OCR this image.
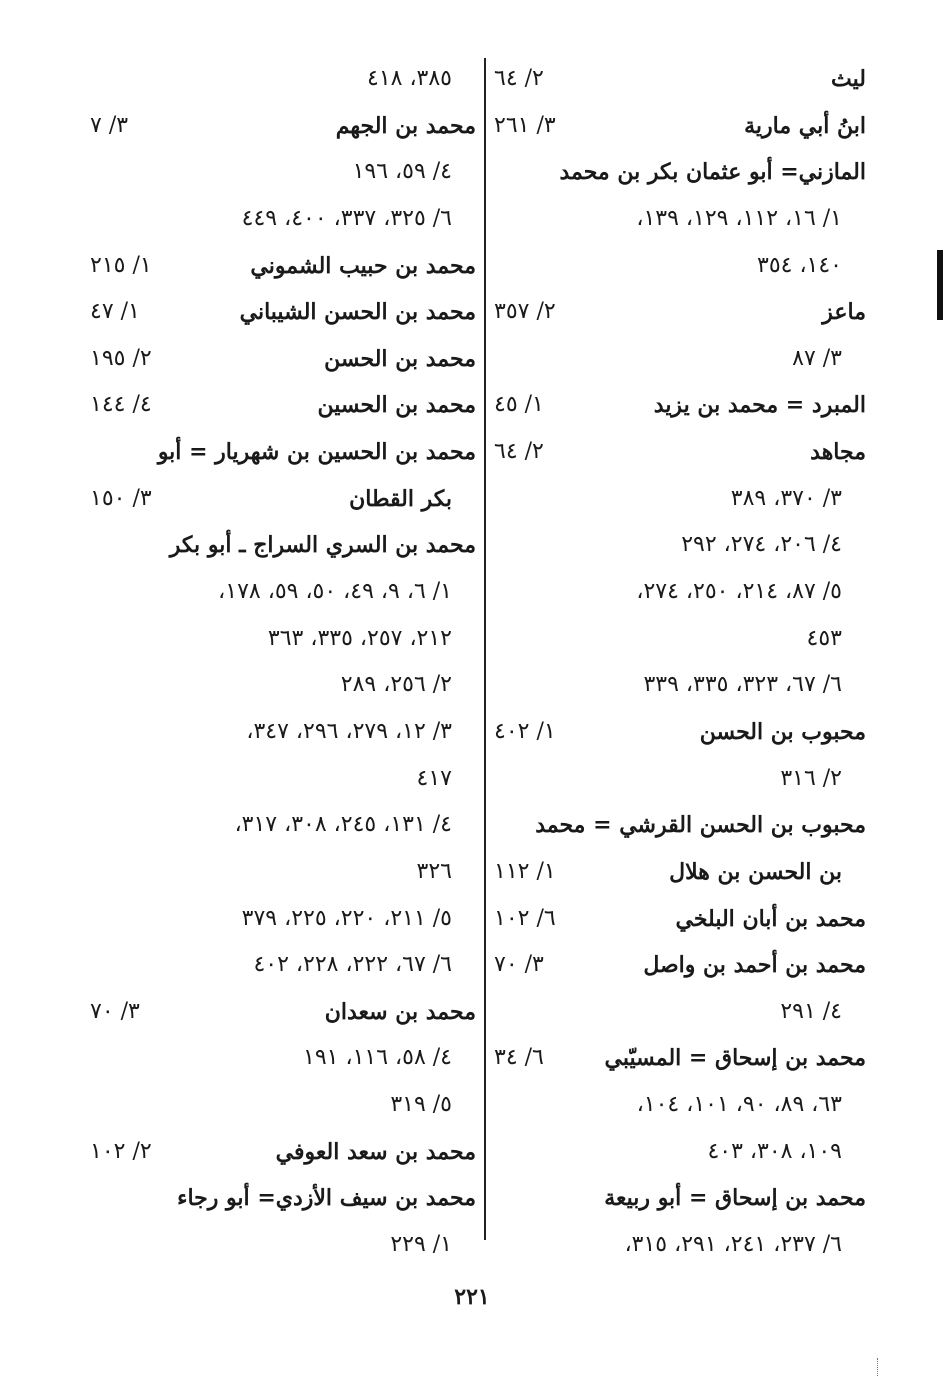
ليث
٢/ ٦٤
ابنُ أبي مارية
٣/ ٢٦١
المازني= أبو عثمان بكر بن محمد
١/ ١٦، ١١٢، ١٢٩، ١٣٩،
١٤٠، ٣٥٤
ماعز
٢/ ٣٥٧
٣/ ٨٧
المبرد = محمد بن يزيد
١/ ٤٥
مجاهد
٢/ ٦٤
٣/ ٣٧٠، ٣٨٩
٤/ ٢٠٦، ٢٧٤، ٢٩٢
٥/ ٨٧، ٢١٤، ٢٥٠، ٢٧٤،
٤٥٣
٦/ ٦٧، ٣٢٣، ٣٣٥، ٣٣٩
محبوب بن الحسن
١/ ٤٠٢
٢/ ٣١٦
محبوب بن الحسن القرشي = محمد
بن الحسن بن هلال
١/ ١١٢
محمد بن أبان البلخي
٦/ ١٠٢
محمد بن أحمد بن واصل
٣/ ٧٠
٤/ ٢٩١
محمد بن إسحاق = المسيّبي
٦/ ٣٤
٦٣، ٨٩، ٩٠، ١٠١، ١٠٤،
١٠٩، ٣٠٨، ٤٠٣
محمد بن إسحاق = أبو ربيعة
٦/ ٢٣٧، ٢٤١، ٢٩١، ٣١٥،
٣٨٥، ٤١٨
محمد بن الجهم
٣/ ٧
٤/ ٥٩، ١٩٦
٦/ ٣٢٥، ٣٣٧، ٤٠٠، ٤٤٩
محمد بن حبيب الشموني
١/ ٢١٥
محمد بن الحسن الشيباني
١/ ٤٧
محمد بن الحسن
٢/ ١٩٥
محمد بن الحسين
٤/ ١٤٤
محمد بن الحسين بن شهريار = أبو
بكر القطان
٣/ ١٥٠
محمد بن السري السراج ـ أبو بكر
١/ ٦، ٩، ٤٩، ٥٠، ٥٩، ١٧٨،
٢١٢، ٢٥٧، ٣٣٥، ٣٦٣
٢/ ٢٥٦، ٢٨٩
٣/ ١٢، ٢٧٩، ٢٩٦، ٣٤٧،
٤١٧
٤/ ١٣١، ٢٤٥، ٣٠٨، ٣١٧،
٣٢٦
٥/ ٢١١، ٢٢٠، ٢٢٥، ٣٧٩
٦/ ٦٧، ٢٢٢، ٢٢٨، ٤٠٢
محمد بن سعدان
٣/ ٧٠
٤/ ٥٨، ١١٦، ١٩١
٥/ ٣١٩
محمد بن سعد العوفي
٢/ ١٠٢
محمد بن سيف الأزدي= أبو رجاء
١/ ٢٢٩
٢٢١
